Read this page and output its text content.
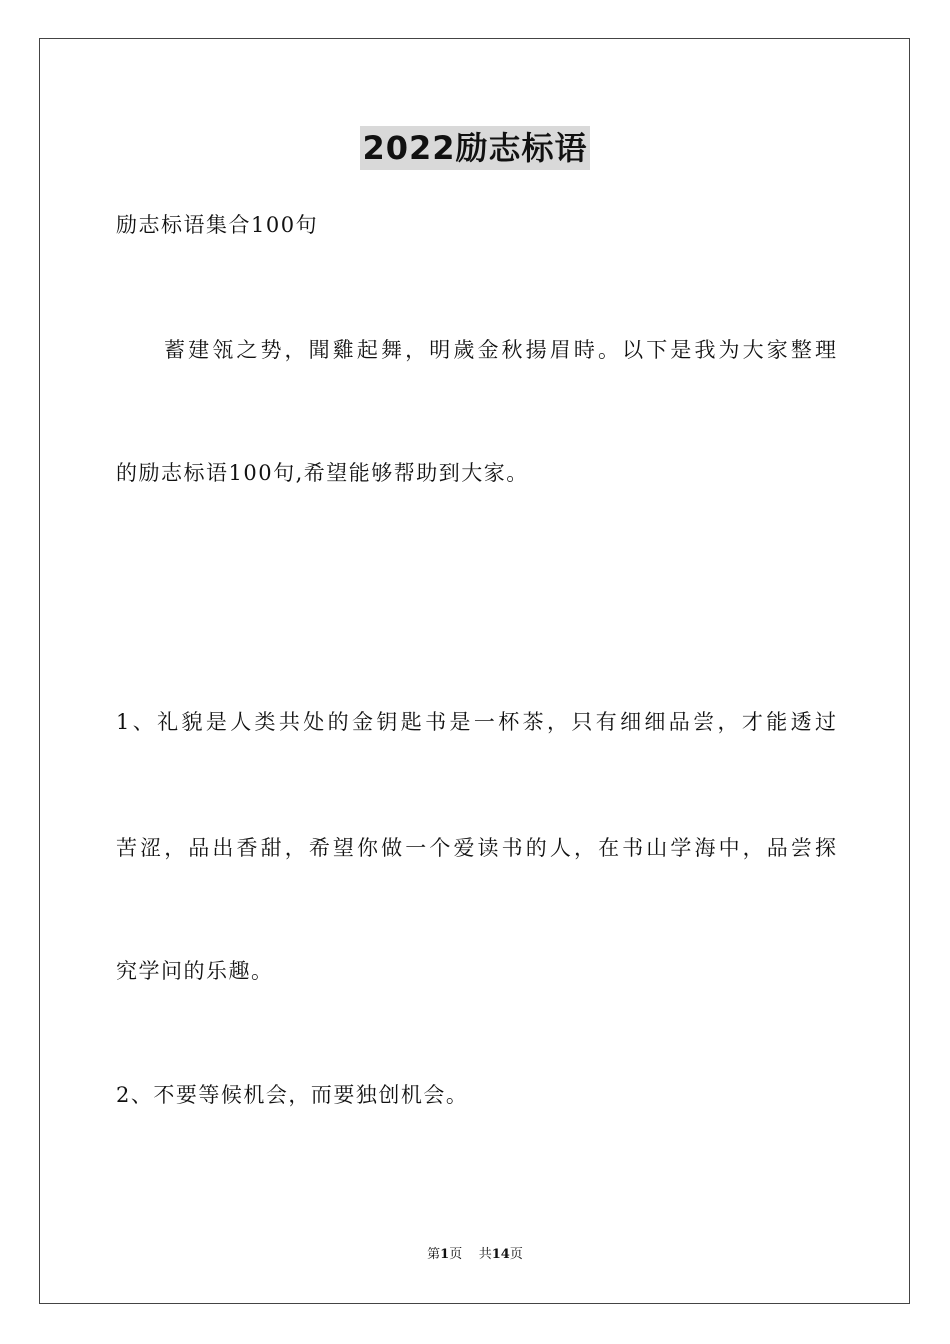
2022励志标语
励志标语集合100句
蓄建瓴之势，聞雞起舞，明歲金秋揚眉時。以下是我为大家整理
的励志标语100句,希望能够帮助到大家。
1、礼貌是人类共处的金钥匙书是一杯茶，只有细细品尝，才能透过
苦涩，品出香甜，希望你做一个爱读书的人，在书山学海中，品尝探
究学问的乐趣。
2、不要等候机会，而要独创机会。
第1页    共14页
